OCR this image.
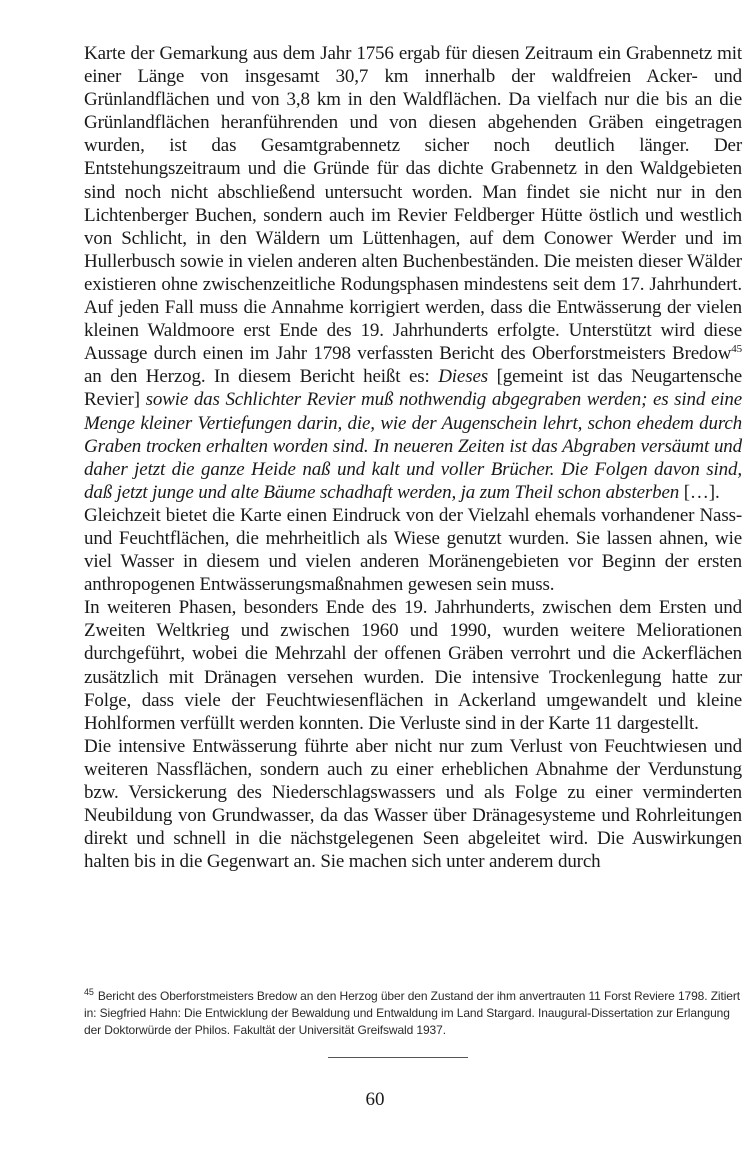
Karte der Gemarkung aus dem Jahr 1756 ergab für diesen Zeitraum ein Grabennetz mit einer Länge von insgesamt 30,7 km innerhalb der waldfreien Acker- und Grünlandflächen und von 3,8 km in den Waldflächen. Da vielfach nur die bis an die Grünlandflächen heranführenden und von diesen abgehenden Gräben eingetragen wurden, ist das Gesamtgrabennetz sicher noch deutlich länger. Der Entstehungszeitraum und die Gründe für das dichte Grabennetz in den Waldgebieten sind noch nicht abschließend untersucht worden. Man findet sie nicht nur in den Lichtenberger Buchen, sondern auch im Revier Feldberger Hütte östlich und westlich von Schlicht, in den Wäldern um Lüttenhagen, auf dem Conower Werder und im Hullerbusch sowie in vielen anderen alten Buchenbeständen. Die meisten dieser Wälder existieren ohne zwischenzeitliche Rodungsphasen mindestens seit dem 17. Jahrhundert. Auf jeden Fall muss die Annahme korrigiert werden, dass die Entwässerung der vielen kleinen Waldmoore erst Ende des 19. Jahrhunderts erfolgte. Unterstützt wird diese Aussage durch einen im Jahr 1798 verfassten Bericht des Oberforstmeisters Bredow$^{45}$ an den Herzog. In diesem Bericht heißt es: Dieses [gemeint ist das Neugartensche Revier] sowie das Schlichter Revier muß nothwendig abgegraben werden; es sind eine Menge kleiner Vertiefungen darin, die, wie der Augenschein lehrt, schon ehedem durch Graben trocken erhalten worden sind. In neueren Zeiten ist das Abgraben versäumt und daher jetzt die ganze Heide naß und kalt und voller Brücher. Die Folgen davon sind, daß jetzt junge und alte Bäume schadhaft werden, ja zum Theil schon absterben […].

Gleichzeit bietet die Karte einen Eindruck von der Vielzahl ehemals vorhandener Nass- und Feuchtflächen, die mehrheitlich als Wiese genutzt wurden. Sie lassen ahnen, wie viel Wasser in diesem und vielen anderen Moränengebieten vor Beginn der ersten anthropogenen Entwässerungsmaßnahmen gewesen sein muss.

In weiteren Phasen, besonders Ende des 19. Jahrhunderts, zwischen dem Ersten und Zweiten Weltkrieg und zwischen 1960 und 1990, wurden weitere Meliorationen durchgeführt, wobei die Mehrzahl der offenen Gräben verrohrt und die Ackerflächen zusätzlich mit Dränagen versehen wurden. Die intensive Trockenlegung hatte zur Folge, dass viele der Feuchtwiesenflächen in Ackerland umgewandelt und kleine Hohlformen verfüllt werden konnten. Die Verluste sind in der Karte 11 dargestellt.

Die intensive Entwässerung führte aber nicht nur zum Verlust von Feuchtwiesen und weiteren Nassflächen, sondern auch zu einer erheblichen Abnahme der Verdunstung bzw. Versickerung des Niederschlagswassers und als Folge zu einer verminderten Neubildung von Grundwasser, da das Wasser über Dränagesysteme und Rohrleitungen direkt und schnell in die nächstgelegenen Seen abgeleitet wird. Die Auswirkungen halten bis in die Gegenwart an. Sie machen sich unter anderem durch

$^{45}$ Bericht des Oberforstmeisters Bredow an den Herzog über den Zustand der ihm anvertrauten 11 Forst Reviere 1798. Zitiert in: Siegfried Hahn: Die Entwicklung der Bewaldung und Entwaldung im Land Stargard. Inaugural-Dissertation zur Erlangung der Doktorwürde der Philos. Fakultät der Universität Greifswald 1937.
60
